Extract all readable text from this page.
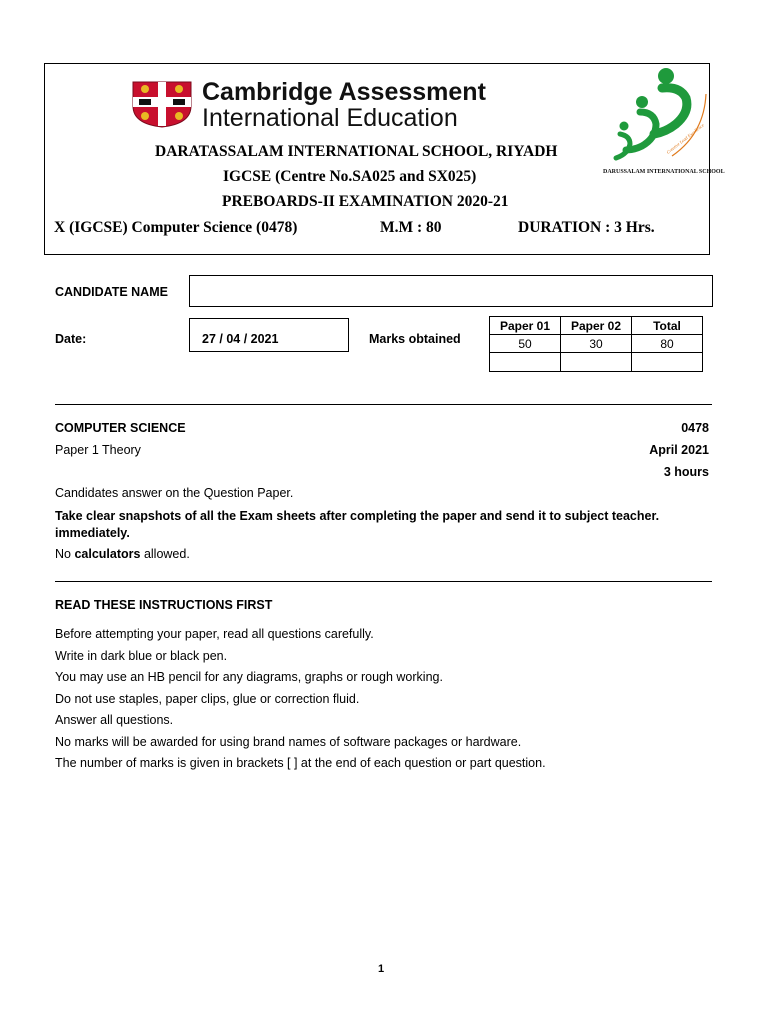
Cambridge Assessment
International Education
DARATASSALAM INTERNATIONAL SCHOOL, RIYADH
IGCSE (Centre No.SA025 and SX025)
PREBOARDS-II EXAMINATION 2020-21
X (IGCSE) Computer Science (0478)	M.M : 80	DURATION : 3 Hrs.
Creative Lead Excellence
DARUSSALAM INTERNATIONAL SCHOOL
CANDIDATE NAME
Date:	27 / 04 / 2021	Marks obtained
Paper 01	Paper 02	Total
50	30	80

COMPUTER SCIENCE	0478
Paper 1 Theory	April 2021
3 hours
Candidates answer on the Question Paper.
Take clear snapshots of all the Exam sheets after completing the paper and send it to subject teacher. immediately.
No calculators allowed.
READ THESE INSTRUCTIONS FIRST
Before attempting your paper, read all questions carefully.
Write in dark blue or black pen.
You may use an HB pencil for any diagrams, graphs or rough working.
Do not use staples, paper clips, glue or correction fluid.
Answer all questions.
No marks will be awarded for using brand names of software packages or hardware.
The number of marks is given in brackets [ ] at the end of each question or part question.
1
